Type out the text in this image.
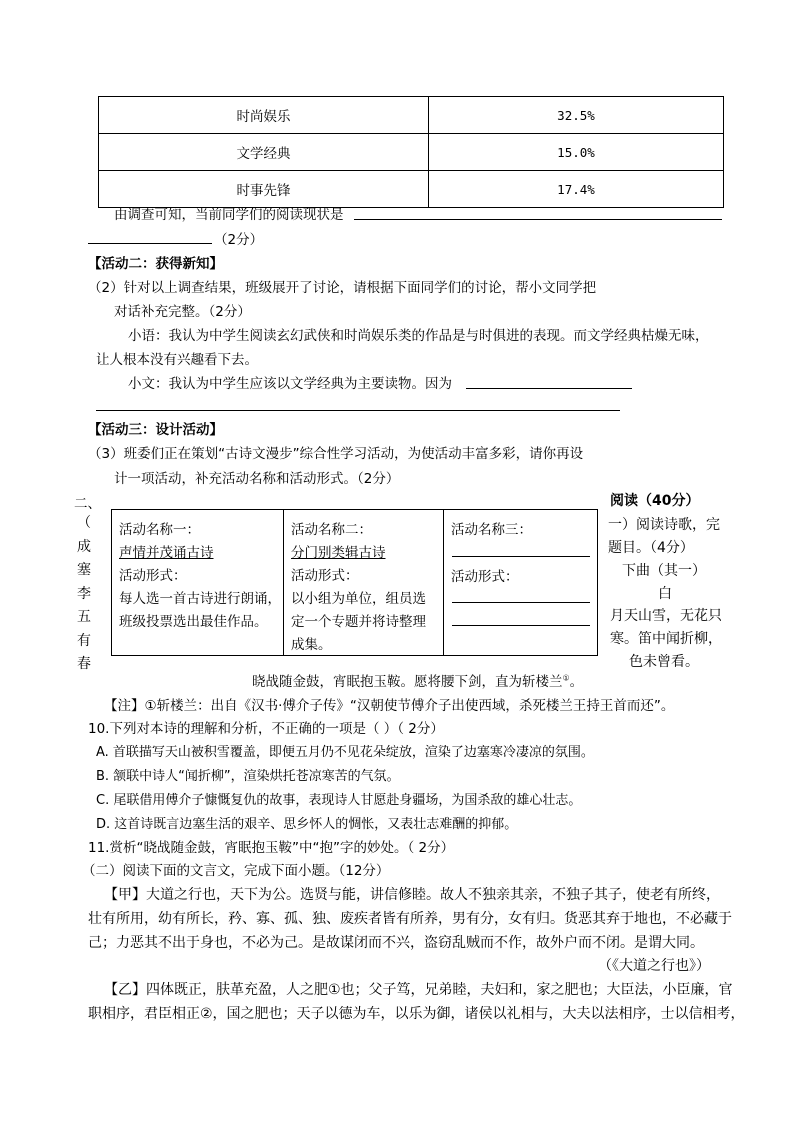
时尚娱乐	32.5%
文学经典	15.0%
时事先锋	17.4%
由调查可知，当前同学们的阅读现状是
（2分）
【活动二：获得新知】
（2）针对以上调查结果，班级展开了讨论，请根据下面同学们的讨论，帮小文同学把
对话补充完整。（2分）
小语：我认为中学生阅读玄幻武侠和时尚娱乐类的作品是与时俱进的表现。而文学经典枯燥无味，
让人根本没有兴趣看下去。
小文：我认为中学生应该以文学经典为主要读物。因为
【活动三：设计活动】
（3）班委们正在策划“古诗文漫步”综合性学习活动，为使活动丰富多彩，请你再设
计一项活动，补充活动名称和活动形式。（2分）
二、
（
成
塞
李
五
有
春
活动名称一：
声情并茂诵古诗
活动形式：
每人选一首古诗进行朗诵，
班级投票选出最佳作品。
活动名称二：
分门别类辑古诗
活动形式：
以小组为单位，组员选
定一个专题并将诗整理
成集。
活动名称三：
活动形式：
阅读（40分）
一）阅读诗歌，完
题目。（4分）
下曲（其一）
白
月天山雪，无花只
寒。笛中闻折柳，
色未曾看。
晓战随金鼓，宵眠抱玉鞍。愿将腰下剑，直为斩楼兰①。
【注】①斩楼兰：出自《汉书·傅介子传》“汉朝使节傅介子出使西域，杀死楼兰王持王首而还”。
10.下列对本诗的理解和分析，不正确的一项是（ ）（ 2分）
A. 首联描写天山被积雪覆盖，即便五月仍不见花朵绽放，渲染了边塞寒冷凄凉的氛围。
B. 颔联中诗人“闻折柳”，渲染烘托苍凉寒苦的气氛。
C. 尾联借用傅介子慷慨复仇的故事，表现诗人甘愿赴身疆场，为国杀敌的雄心壮志。
D. 这首诗既言边塞生活的艰辛、思乡怀人的惆怅，又表壮志难酬的抑郁。
11.赏析“晓战随金鼓，宵眠抱玉鞍”中“抱”字的妙处。（ 2分）
（二）阅读下面的文言文，完成下面小题。（12分）
【甲】大道之行也，天下为公。选贤与能，讲信修睦。故人不独亲其亲，不独子其子，使老有所终，
壮有所用，幼有所长，矜、寡、孤、独、废疾者皆有所养，男有分，女有归。货恶其弃于地也，不必藏于
己；力恶其不出于身也，不必为己。是故谋闭而不兴，盗窃乱贼而不作，故外户而不闭。是谓大同。
（《大道之行也》）
【乙】四体既正，肤革充盈，人之肥①也；父子笃，兄弟睦，夫妇和，家之肥也；大臣法，小臣廉，官
职相序，君臣相正②，国之肥也；天子以德为车，以乐为御，诸侯以礼相与，大夫以法相序，士以信相考，
